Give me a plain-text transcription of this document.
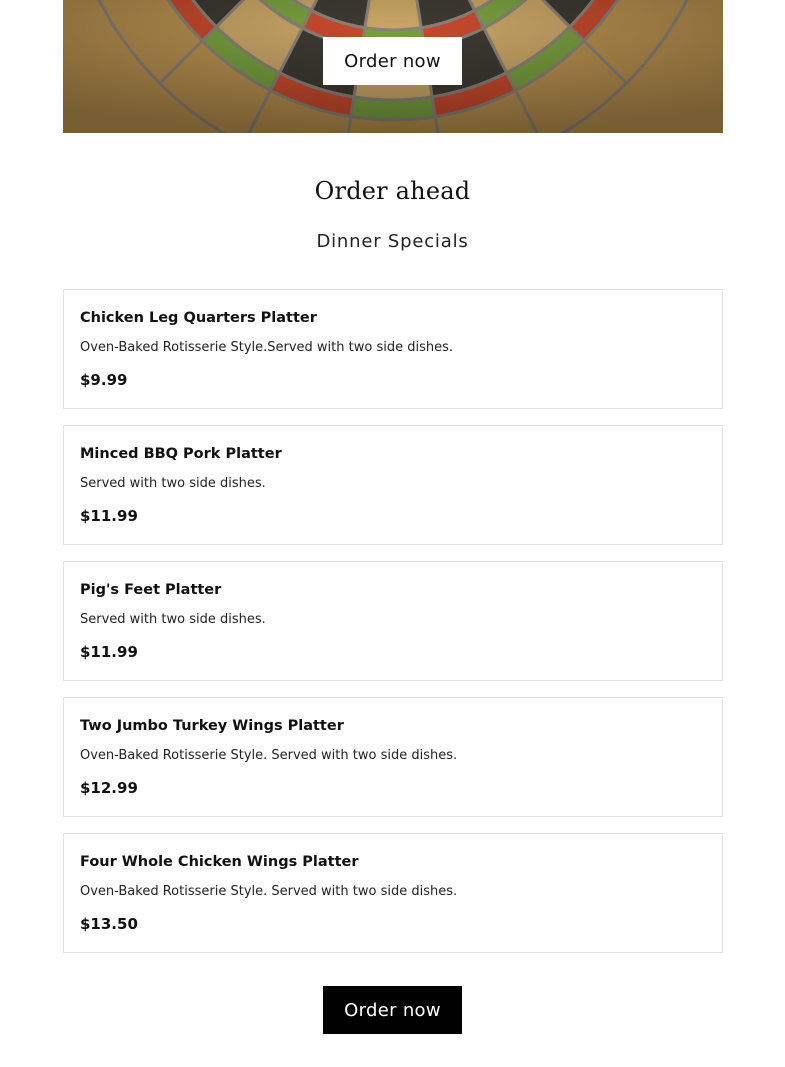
Order now
Order ahead
Dinner Specials
Chicken Leg Quarters Platter
Oven-Baked Rotisserie Style.Served with two side dishes.
$9.99
Minced BBQ Pork Platter
Served with two side dishes.
$11.99
Pig's Feet Platter
Served with two side dishes.
$11.99
Two Jumbo Turkey Wings Platter
Oven-Baked Rotisserie Style. Served with two side dishes.
$12.99
Four Whole Chicken Wings Platter
Oven-Baked Rotisserie Style. Served with two side dishes.
$13.50
Order now
